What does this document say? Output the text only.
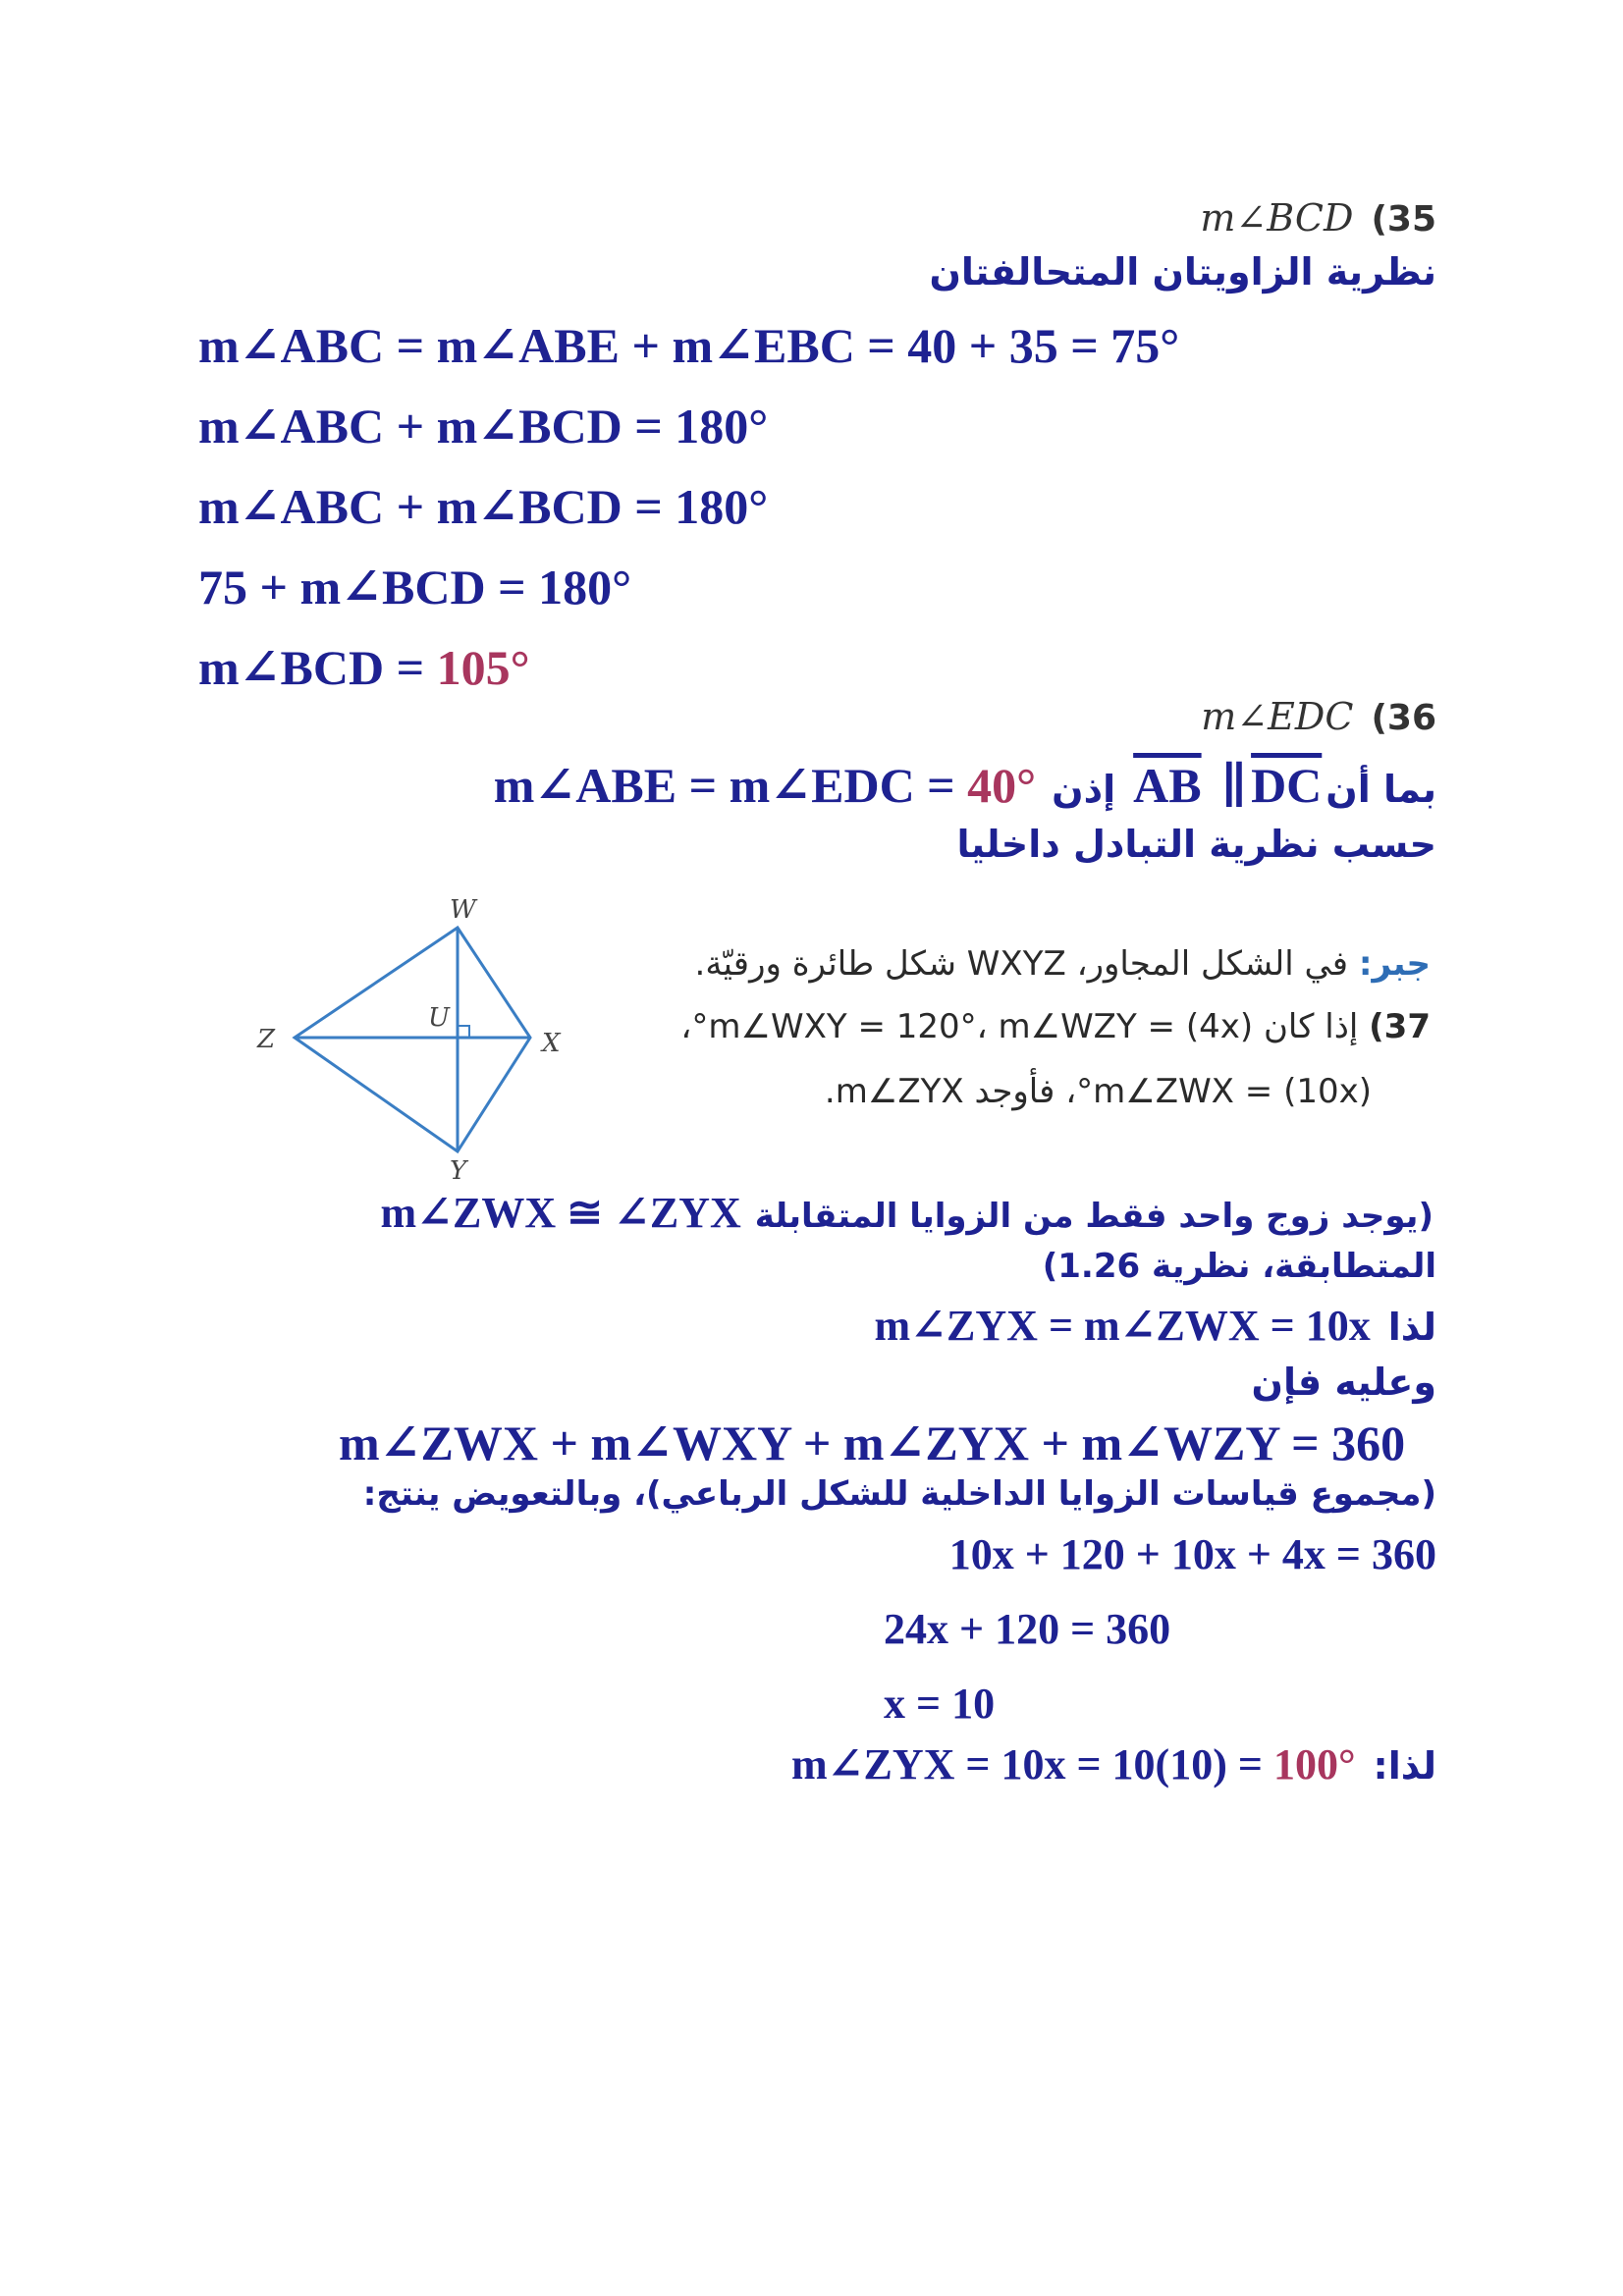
m∠BCD (35
نظرية الزاويتان المتحالفتان
m∠ABC = m∠ABE + m∠EBC = 40 + 35 = 75°
m∠ABC + m∠BCD = 180°
m∠ABC + m∠BCD = 180°
75 + m∠BCD = 180°
m∠BCD = 105°
m∠EDC (36
بما أن AB ∥ DC إذن m∠ABE = m∠EDC = 40°
حسب نظرية التبادل داخليا
W
U
Z	X
Y
جبر: في الشكل المجاور، WXYZ شكل طائرة ورقيّة.
37) إذا كان m∠WXY = 120°، m∠WZY = (4x)°،
m∠ZWX = (10x)°، فأوجد m∠ZYX.
(يوجد زوج واحد فقط من الزوايا المتقابلة m∠ZWX ≅ ∠ZYX
المتطابقة، نظرية 1.26)
لذا m∠ZYX = m∠ZWX = 10x
وعليه فإن
m∠ZWX + m∠WXY + m∠ZYX + m∠WZY = 360
(مجموع قياسات الزوايا الداخلية للشكل الرباعي)، وبالتعويض ينتج:
10x + 120 + 10x + 4x = 360
24x + 120 = 360
x = 10
لذا: m∠ZYX = 10x = 10(10) = 100°
